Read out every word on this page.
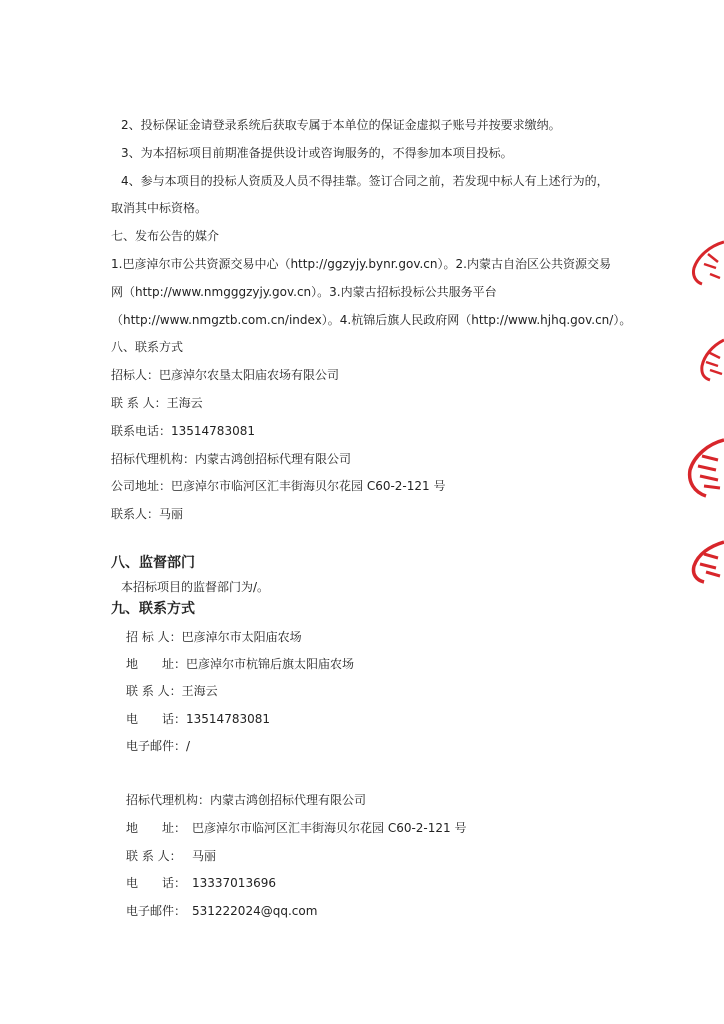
2、投标保证金请登录系统后获取专属于本单位的保证金虚拟子账号并按要求缴纳。
3、为本招标项目前期准备提供设计或咨询服务的，不得参加本项目投标。
4、参与本项目的投标人资质及人员不得挂靠。签订合同之前，若发现中标人有上述行为的，
取消其中标资格。
七、发布公告的媒介
1.巴彦淖尔市公共资源交易中心（http://ggzyjy.bynr.gov.cn）。2.内蒙古自治区公共资源交易
网（http://www.nmgggzyjy.gov.cn）。3.内蒙古招标投标公共服务平台
（http://www.nmgztb.com.cn/index）。4.杭锦后旗人民政府网（http://www.hjhq.gov.cn/）。
八、联系方式
招标人：巴彦淖尔农垦太阳庙农场有限公司
联 系 人：王海云
联系电话：13514783081
招标代理机构：内蒙古鸿创招标代理有限公司
公司地址：巴彦淖尔市临河区汇丰街海贝尔花园 C60-2-121 号
联系人：马丽
八、监督部门
本招标项目的监督部门为/。
九、联系方式
招 标 人：巴彦淖尔市太阳庙农场
地　　址：巴彦淖尔市杭锦后旗太阳庙农场
联 系 人：王海云
电　　话：13514783081
电子邮件：/
招标代理机构：内蒙古鸿创招标代理有限公司
地　　址： 巴彦淖尔市临河区汇丰街海贝尔花园 C60-2-121 号
联 系 人： 马丽
电　　话： 13337013696
电子邮件： 531222024@qq.com
